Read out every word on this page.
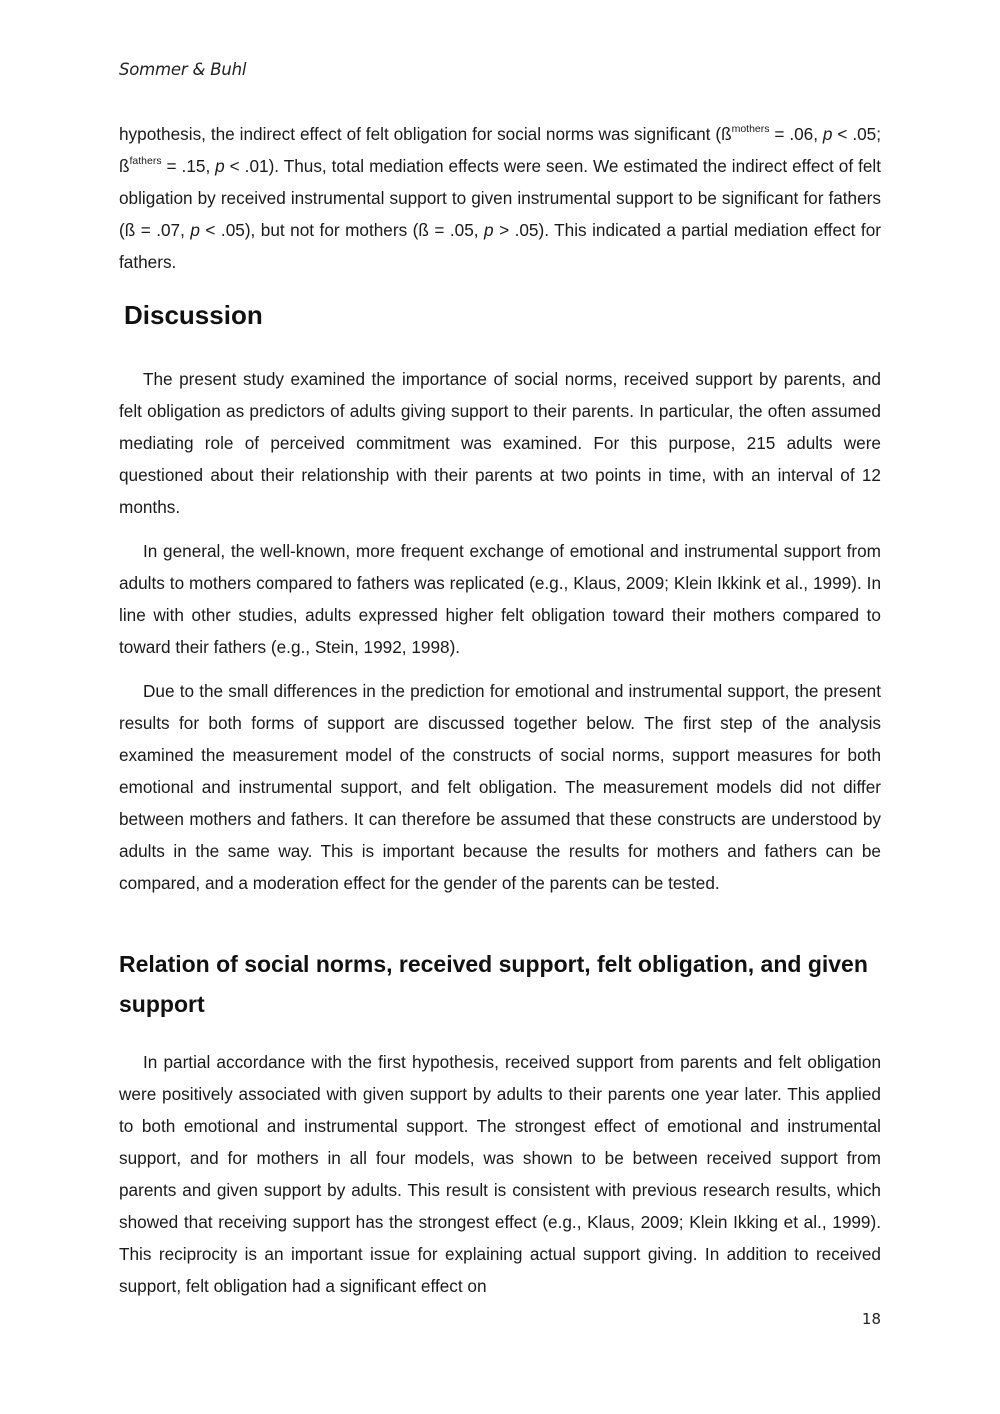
Sommer & Buhl

hypothesis, the indirect effect of felt obligation for social norms was significant ($ß^{mothers} = .06$, p < .05; $ß^{fathers} = .15$, p < .01). Thus, total mediation effects were seen. We estimated the indirect effect of felt obligation by received instrumental support to given instrumental support to be significant for fathers (ß = .07, p < .05), but not for mothers (ß = .05, p > .05). This indicated a partial mediation effect for fathers.

Discussion

The present study examined the importance of social norms, received support by parents, and felt obligation as predictors of adults giving support to their parents. In particular, the often assumed mediating role of perceived commitment was examined. For this purpose, 215 adults were questioned about their relationship with their parents at two points in time, with an interval of 12 months.

In general, the well-known, more frequent exchange of emotional and instrumental support from adults to mothers compared to fathers was replicated (e.g., Klaus, 2009; Klein Ikkink et al., 1999). In line with other studies, adults expressed higher felt obligation toward their mothers compared to toward their fathers (e.g., Stein, 1992, 1998).

Due to the small differences in the prediction for emotional and instrumental support, the present results for both forms of support are discussed together below. The first step of the analysis examined the measurement model of the constructs of social norms, support measures for both emotional and instrumental support, and felt obligation. The measurement models did not differ between mothers and fathers. It can therefore be assumed that these constructs are understood by adults in the same way. This is important because the results for mothers and fathers can be compared, and a moderation effect for the gender of the parents can be tested.

Relation of social norms, received support, felt obligation, and given support

In partial accordance with the first hypothesis, received support from parents and felt obligation were positively associated with given support by adults to their parents one year later. This applied to both emotional and instrumental support. The strongest effect of emotional and instrumental support, and for mothers in all four models, was shown to be between received support from parents and given support by adults. This result is consistent with previous research results, which showed that receiving support has the strongest effect (e.g., Klaus, 2009; Klein Ikking et al., 1999). This reciprocity is an important issue for explaining actual support giving. In addition to received support, felt obligation had a significant effect on

18
